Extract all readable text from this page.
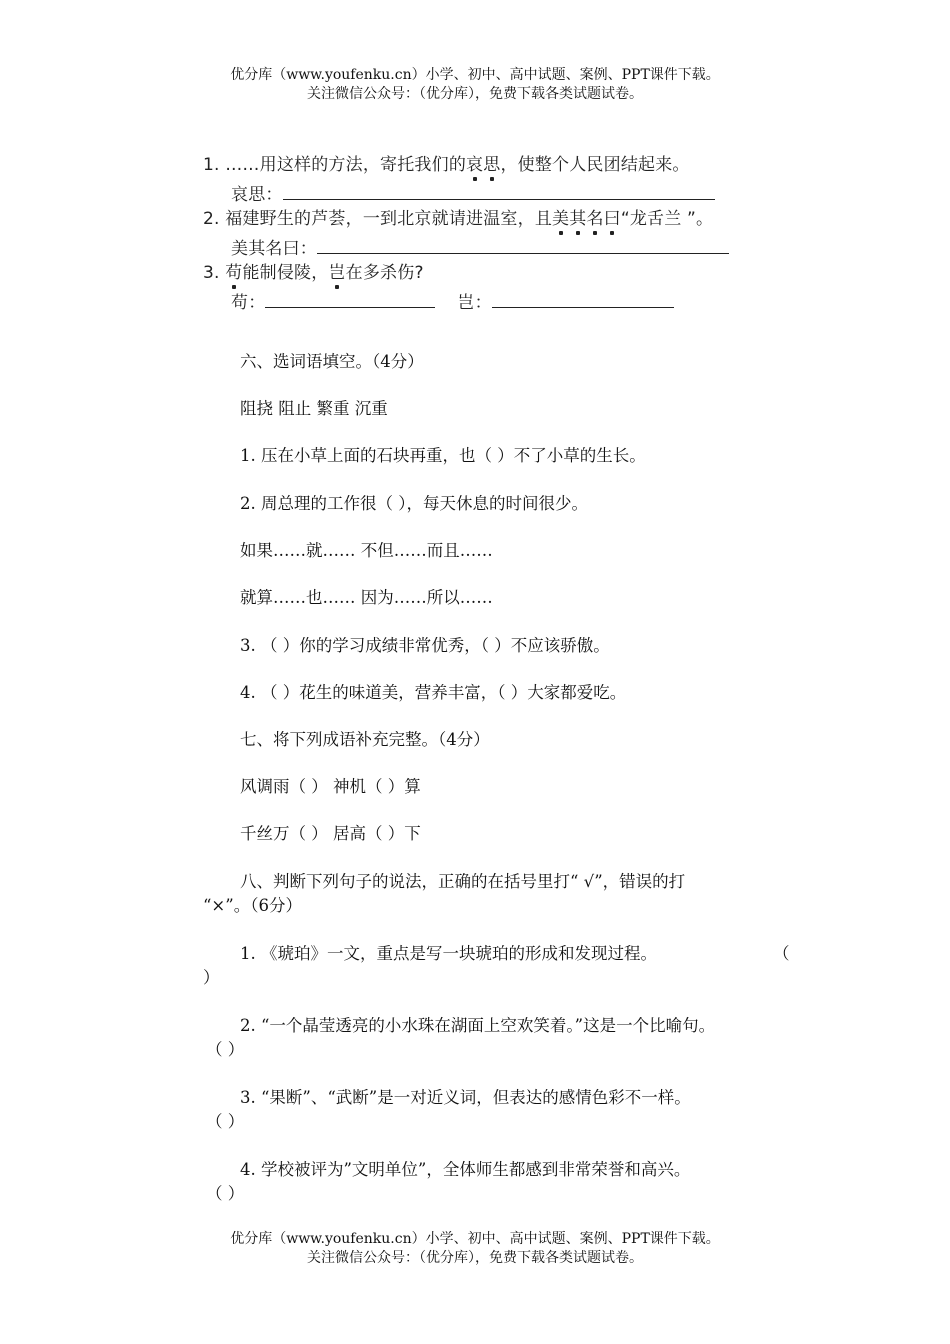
优分库（www.youfenku.cn）小学、初中、高中试题、案例、PPT课件下载。
关注微信公众号：（优分库），免费下载各类试题试卷。
1. ……用这样的方法，寄托我们的哀思，使整个人民团结起来。
哀思：
2. 福建野生的芦荟，一到北京就请进温室，且美其名曰“龙舌兰 ”。
美其名曰：
3. 苟能制侵陵，岂在多杀伤?
苟：	岂：
六、选词语填空。（4分）
阻挠 阻止 繁重 沉重
1. 压在小草上面的石块再重，也（ ）不了小草的生长。
2. 周总理的工作很（ ），每天休息的时间很少。
如果……就…… 不但……而且……
就算……也…… 因为……所以……
3. （ ）你的学习成绩非常优秀，（ ）不应该骄傲。
4. （ ）花生的味道美，营养丰富，（ ）大家都爱吃。
七、将下列成语补充完整。（4分）
风调雨（ ） 神机（ ）算
千丝万（ ） 居高（ ）下
八、判断下列句子的说法，正确的在括号里打“ √”，错误的打
“×”。（6分）
1. 《琥珀》一文，重点是写一块琥珀的形成和发现过程。	（
）
2. “一个晶莹透亮的小水珠在湖面上空欢笑着。”这是一个比喻句。
（ ）
3. “果断”、“武断”是一对近义词，但表达的感情色彩不一样。
（ ）
4. 学校被评为”文明单位”，全体师生都感到非常荣誉和高兴。
（ ）
优分库（www.youfenku.cn）小学、初中、高中试题、案例、PPT课件下载。
关注微信公众号：（优分库），免费下载各类试题试卷。
